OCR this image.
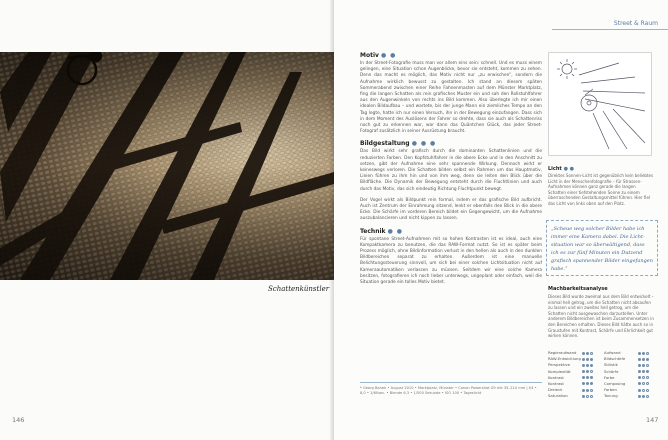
Schattenkünstler
146
Street & Raum
Motiv ● ●

In der Street-Fotografie muss man vor allem eins sein: schnell. Und es muss einem gelingen, eine Situation schon Augenblicke, bevor sie entsteht, kommen zu sehen. Denn das macht es möglich, das Motiv nicht nur „zu erwischen“, sondern die Aufnahme wirklich bewusst zu gestalten. Ich stand an diesem späten Sommerabend zwischen einer Reihe Fahnenmasten auf dem Münster Marktplatz, fing die langen Schatten als rein grafisches Muster ein und sah den Rollstuhlfahrer aus den Augenwinkeln von rechts ins Bild kommen. Also überlegte ich mir einen idealen Bildaufbau – und wartete, bis der junge Mann ein ziemliches Tempo an den Tag legte, hatte ich nur einen Versuch, ihn in der Bewegung einzufangen. Dass sich in dem Moment des Auslösens der Fahrer so drehte, dass sie auch als Schattenriss noch gut zu erkennen war, war dann das Quäntchen Glück, das jeder Street-Fotograf zusätzlich in seiner Ausrüstung braucht.

Bildgestaltung ● ● ●

Das Bild wirkt sehr grafisch durch die dominanten Schattenlinien und die reduzierten Farben. Den Kopfstuhlfahrer in die obere Ecke und in den Anschnitt zu setzen, gibt der Aufnahme eine sehr spannende Wirkung. Dennoch wirkt er keineswegs verloren. Die Schatten bilden selbst ein Rahmen um das Hauptmotiv, Linien führen zu ihm hin und von ihm weg, denn sie leiten den Blick über die Bildfläche. Die Dynamik der Bewegung entsteht durch die Fluchtlinien und auch durch das Motiv, das sich eindeutig Richtung Fluchtpunkt bewegt.

Der Vogel wirkt als Bildpunkt rein formal, indem er das grafische Bild aufbricht. Auch ist Zentrum der Einrahmung sitzend, lenkt er ebenfalls den Blick in die obere Ecke. Die Schärfe im vorderen Bereich bildet ein Gegengewicht, um die Aufnahme auszubalancieren und nicht kippen zu lassen.

Technik ● ●

Für spontane Street-Aufnahmen mit so hohen Kontrasten ist es ideal, auch eine Kompaktkamera zu benutzen, die das RAW-Format nutzt. So ist es später beim Prozess möglich, ohne Bildinformation verlust in den hellen als auch in den dunklen Bildbereichen separat zu erhalten. Außerdem ist eine manuelle Belichtungssteuerung sinnvoll, um sich bei einer solchen Lichtsituation nicht auf Kameraautomatiken verlassen zu müssen. Seitdem wir eine solche Kamera besitzen, fotografieren ich noch lieber unterwegs, ungeplant oder einfach, weil die Situation gerade ein tolles Motiv bietet.

* Georg Banek • August 2010 • Marktplatz, Münster • Canon Powershot G9 mit 35–210 mm | f/4 • 8,0 • 1/60sec. • Blende 6,3 • 1/500 Sekunde • ISO 100 • Tageslicht
Licht ● ●
Direktes Sonnen-Licht ist gegenüblich kein beliebtes Licht in der Menschenfotografie – für Strassen-Aufnahmen können ganz gerade die langen Schatten einer tiefstehenden Sonne zu einem überraschenden Gestaltungsmittel führen. Hier fiel das Licht von links oben auf den Platz.
„Scheue weg solcher Bilder habe ich immer eine Kamera dabei. Die Lichtsituation war so überwältigend, dass ich es zur fünf Minuten ein Dutzend grafisch spannender Bilder eingefangen habe.“
Machbarkeitsanalyse
Dieses Bild wurde zweimal aus dem Bild entwickelt – einmal hell getrog, um die Schatten nicht absaufen zu lassen und ein zweites hell getrog, um die Schatten nicht ausgewaschen darzustellen. Unter anderem Bildbereichen ist beim Zusammensetzen in den Bereichen erhalten. Dieses Bild hätte auch so in Graustufen mit Kontrast, Schärfe und Ehrlichkeit gut wirken können.
Regieraufwand	Aufwand
RAW-Entwicklung	Bildschärfe
Perspektive	Stilistik
Komplexität	Schärfe
Kontrast	Farbe
Kontrast	Composing
Dreieck	Farben
Saturation	Tonung
147
